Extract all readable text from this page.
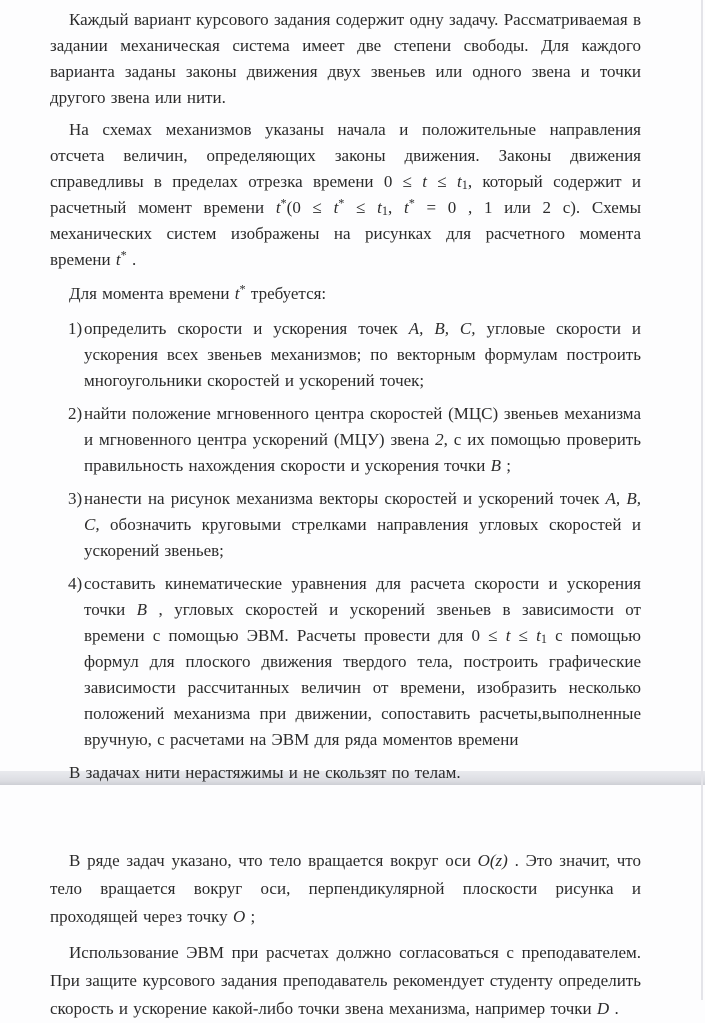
Каждый вариант курсового задания содержит одну задачу. Рассматриваемая в задании механическая система имеет две степени свободы. Для каждого варианта заданы законы движения двух звеньев или одного звена и точки другого звена или нити.
На схемах механизмов указаны начала и положительные направления отсчета величин, определяющих законы движения. Законы движения справедливы в пределах отрезка времени $0 \le t \le t_1$, который содержит и расчетный момент времени $t^*(0 \le t^* \le t_1$, t* = 0 , 1 или 2 с). Схемы механических систем изображены на рисунках для расчетного момента времени t* .
Для момента времени t* требуется:
1) определить скорости и ускорения точек A, B, C, угловые скорости и ускорения всех звеньев механизмов; по векторным формулам построить многоугольники скоростей и ускорений точек;
2) найти положение мгновенного центра скоростей (МЦС) звеньев механизма и мгновенного центра ускорений (МЦУ) звена 2, с их помощью проверить правильность нахождения скорости и ускорения точки B ;
3) нанести на рисунок механизма векторы скоростей и ускорений точек A, B, C, обозначить круговыми стрелками направления угловых скоростей и ускорений звеньев;
4) составить кинематические уравнения для расчета скорости и ускорения точки B , угловых скоростей и ускорений звеньев в зависимости от времени с помощью ЭВМ. Расчеты провести для $0 \le t \le t_1$ с помощью формул для плоского движения твердого тела, построить графические зависимости рассчитанных величин от времени, изобразить несколько положений механизма при движении, сопоставить расчеты,выполненные вручную, с расчетами на ЭВМ для ряда моментов времени
В задачах нити нерастяжимы и не скользят по телам.
В ряде задач указано, что тело вращается вокруг оси O(z) . Это значит, что тело вращается вокруг оси, перпендикулярной плоскости рисунка и проходящей через точку O ;
Использование ЭВМ при расчетах должно согласоваться с преподавателем. При защите курсового задания преподаватель рекомендует студенту определить скорость и ускорение какой-либо точки звена механизма, например точки D .
